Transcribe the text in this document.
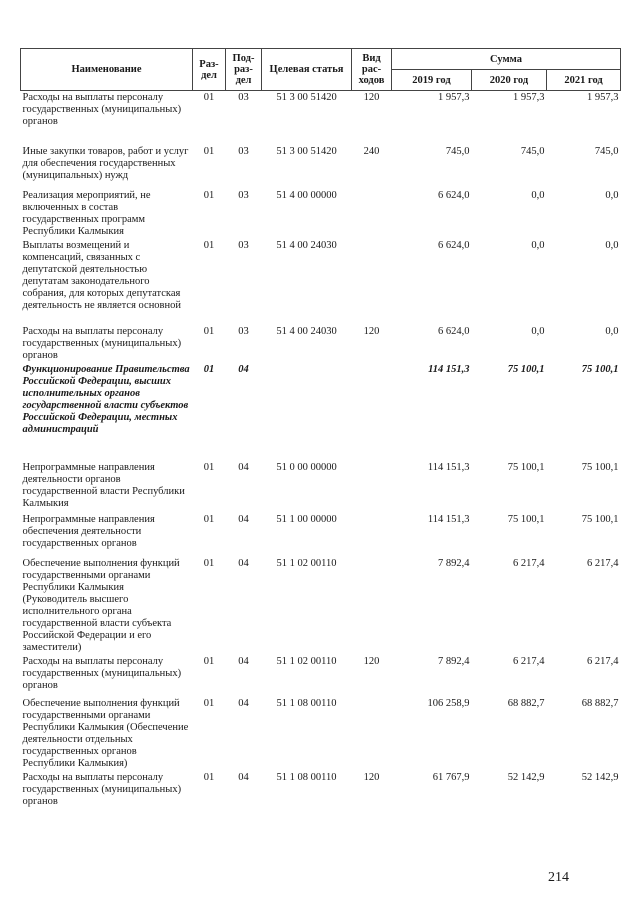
Наименование	Раз-дел	Под-раз-дел	Целевая статья	Вид рас-ходов	Сумма		
					2019 год	2020 год	2021 год
Расходы на выплаты персоналу государственных (муниципальных) органов	01	03	51 3 00 51420	120	1 957,3	1 957,3	1 957,3
Иные закупки товаров, работ и услуг для обеспечения государственных (муниципальных) нужд	01	03	51 3 00 51420	240	745,0	745,0	745,0
Реализация мероприятий, не включенных в состав государственных программ Республики Калмыкия	01	03	51 4 00 00000		6 624,0	0,0	0,0
Выплаты возмещений и компенсаций, связанных с депутатской деятельностью депутатам законодательного собрания, для которых депутатская деятельность не является основной	01	03	51 4 00 24030		6 624,0	0,0	0,0
Расходы на выплаты персоналу государственных (муниципальных) органов	01	03	51 4 00 24030	120	6 624,0	0,0	0,0
Функционирование Правительства Российской Федерации, высших исполнительных органов государственной власти субъектов Российской Федерации, местных администраций	01	04			114 151,3	75 100,1	75 100,1
Непрограммные направления деятельности органов государственной власти Республики Калмыкия	01	04	51 0 00 00000		114 151,3	75 100,1	75 100,1
Непрограммные направления обеспечения деятельности государственных органов	01	04	51 1 00 00000		114 151,3	75 100,1	75 100,1
Обеспечение выполнения функций государственными органами Республики Калмыкия (Руководитель высшего исполнительного органа государственной власти субъекта Российской Федерации и его заместители)	01	04	51 1 02 00110		7 892,4	6 217,4	6 217,4
Расходы на выплаты персоналу государственных (муниципальных) органов	01	04	51 1 02 00110	120	7 892,4	6 217,4	6 217,4
Обеспечение выполнения функций государственными органами Республики Калмыкия (Обеспечение деятельности отдельных государственных органов Республики Калмыкия)	01	04	51 1 08 00110		106 258,9	68 882,7	68 882,7
Расходы на выплаты персоналу государственных (муниципальных) органов	01	04	51 1 08 00110	120	61 767,9	52 142,9	52 142,9
214
